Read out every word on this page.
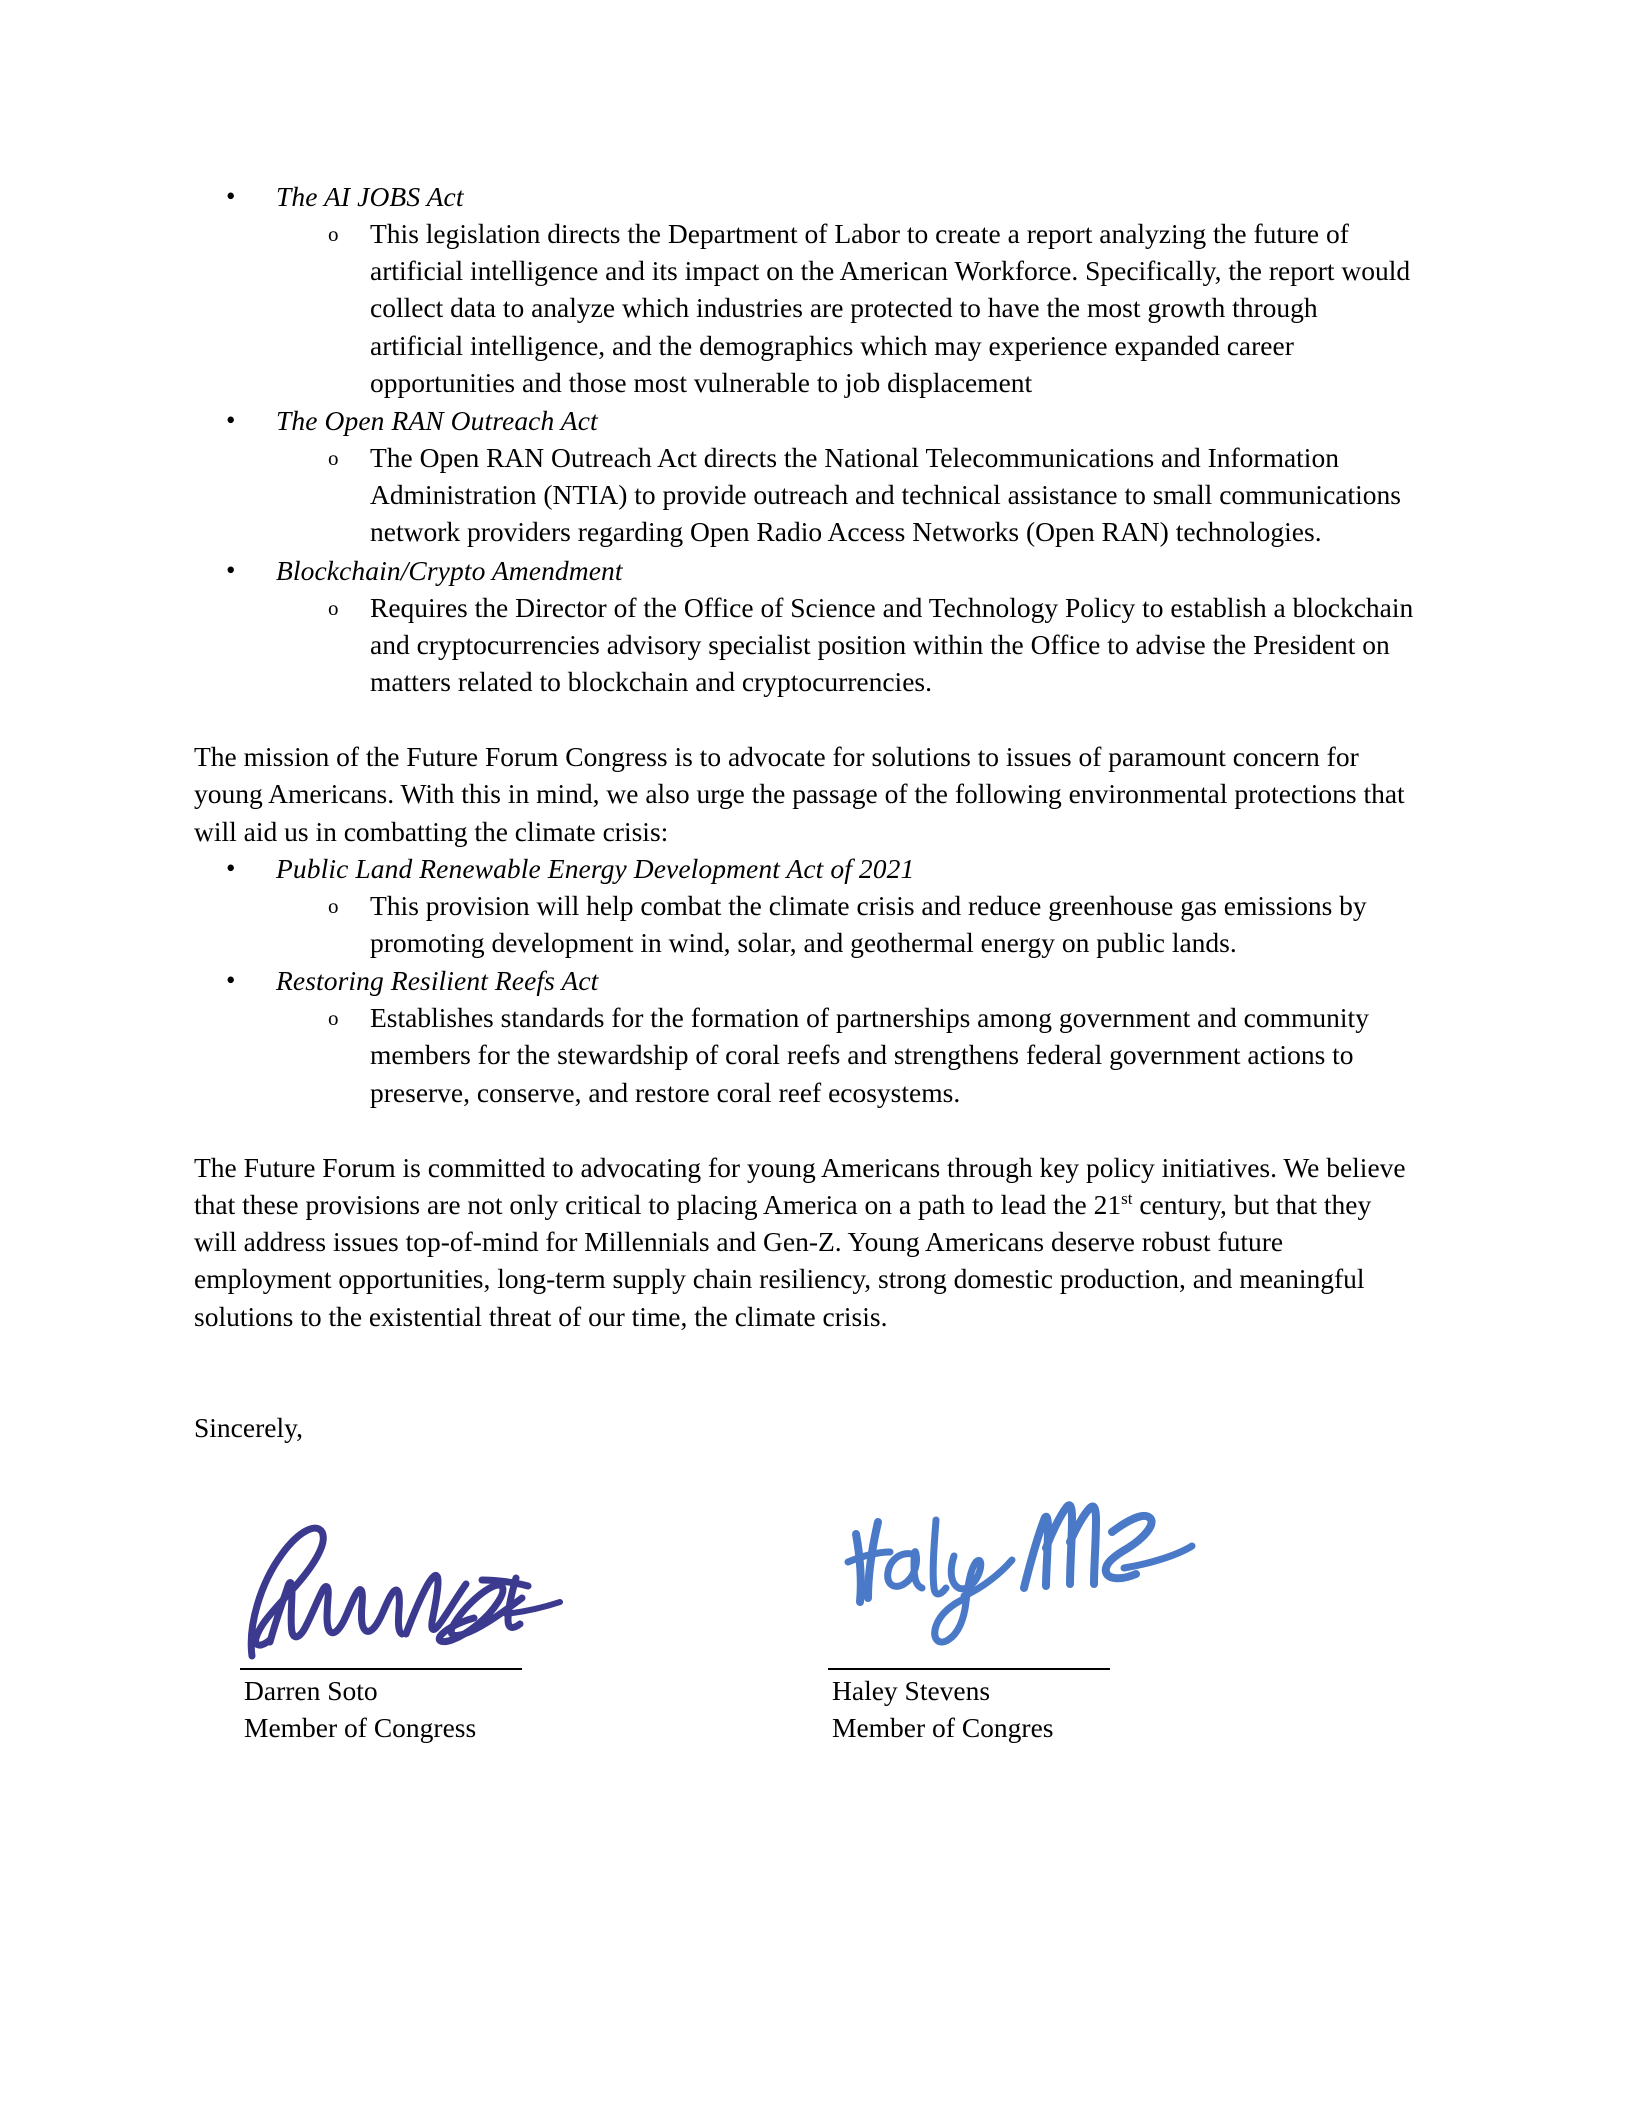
• The AI JOBS Act
o This legislation directs the Department of Labor to create a report analyzing the future of artificial intelligence and its impact on the American Workforce. Specifically, the report would collect data to analyze which industries are protected to have the most growth through artificial intelligence, and the demographics which may experience expanded career opportunities and those most vulnerable to job displacement
• The Open RAN Outreach Act
o The Open RAN Outreach Act directs the National Telecommunications and Information Administration (NTIA) to provide outreach and technical assistance to small communications network providers regarding Open Radio Access Networks (Open RAN) technologies.
• Blockchain/Crypto Amendment
o Requires the Director of the Office of Science and Technology Policy to establish a blockchain and cryptocurrencies advisory specialist position within the Office to advise the President on matters related to blockchain and cryptocurrencies.

The mission of the Future Forum Congress is to advocate for solutions to issues of paramount concern for young Americans. With this in mind, we also urge the passage of the following environmental protections that will aid us in combatting the climate crisis:

• Public Land Renewable Energy Development Act of 2021
o This provision will help combat the climate crisis and reduce greenhouse gas emissions by promoting development in wind, solar, and geothermal energy on public lands.
• Restoring Resilient Reefs Act
o Establishes standards for the formation of partnerships among government and community members for the stewardship of coral reefs and strengthens federal government actions to preserve, conserve, and restore coral reef ecosystems.

The Future Forum is committed to advocating for young Americans through key policy initiatives. We believe that these provisions are not only critical to placing America on a path to lead the 21st century, but that they will address issues top-of-mind for Millennials and Gen-Z. Young Americans deserve robust future employment opportunities, long-term supply chain resiliency, strong domestic production, and meaningful solutions to the existential threat of our time, the climate crisis.

Sincerely,

Darren Soto
Member of Congress
Haley Stevens
Member of Congres
